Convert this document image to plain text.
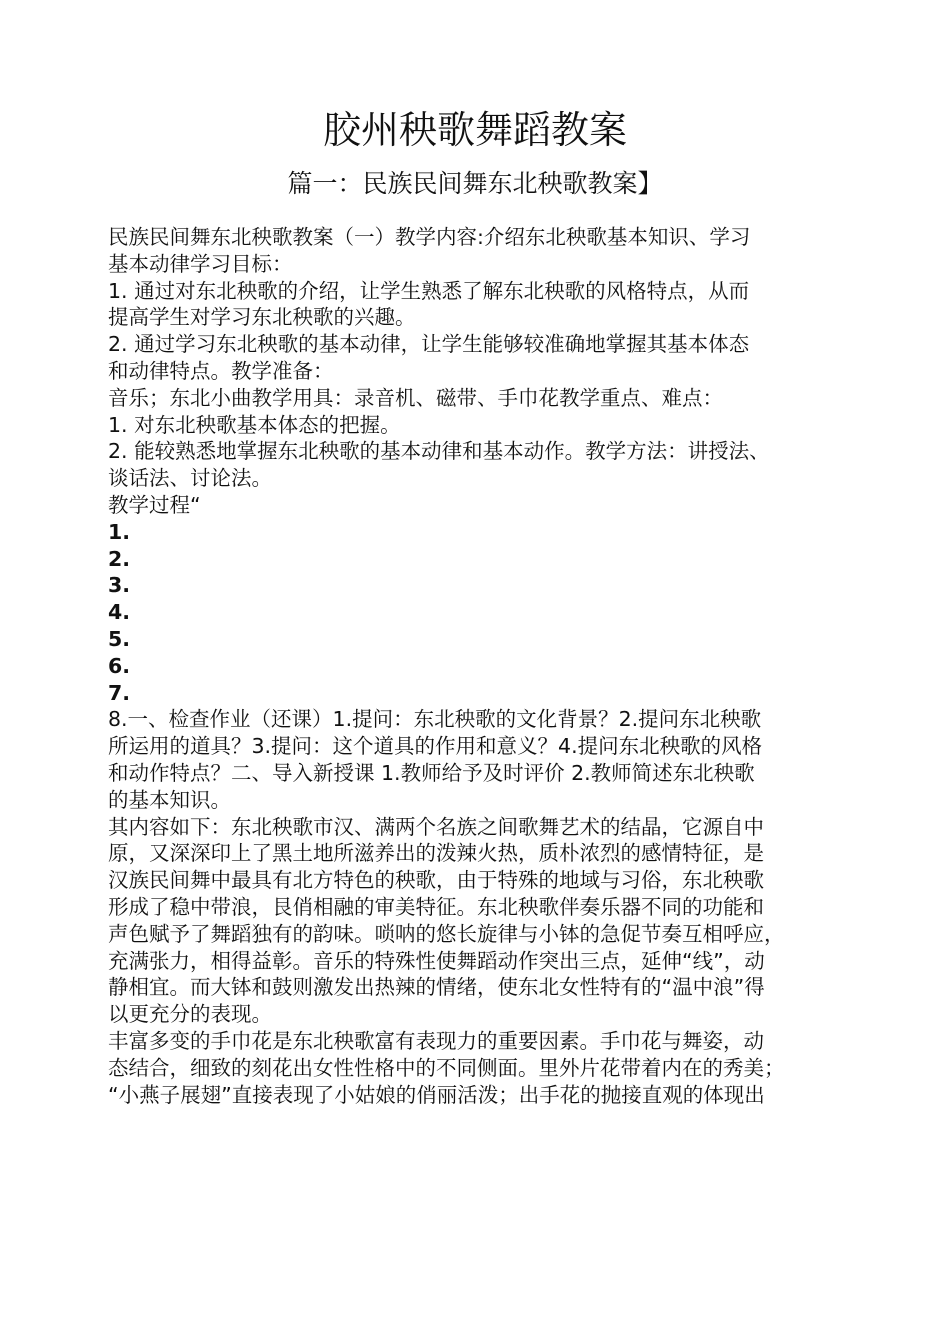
胶州秧歌舞蹈教案
篇一：民族民间舞东北秧歌教案】

民族民间舞东北秧歌教案（一）教学内容:介绍东北秧歌基本知识、学习

基本动律学习目标：

1. 通过对东北秧歌的介绍，让学生熟悉了解东北秧歌的风格特点，从而

提高学生对学习东北秧歌的兴趣。

2. 通过学习东北秧歌的基本动律，让学生能够较准确地掌握其基本体态

和动律特点。教学准备：

音乐；东北小曲教学用具：录音机、磁带、手巾花教学重点、难点：

1. 对东北秧歌基本体态的把握。

2. 能较熟悉地掌握东北秧歌的基本动律和基本动作。教学方法：讲授法、

谈话法、讨论法。

教学过程“

1.

2.

3.

4.

5.

6.

7.

8.一、检查作业（还课）1.提问：东北秧歌的文化背景？2.提问东北秧歌

所运用的道具？3.提问：这个道具的作用和意义？4.提问东北秧歌的风格

和动作特点？二、导入新授课 1.教师给予及时评价 2.教师简述东北秧歌

的基本知识。

其内容如下：东北秧歌市汉、满两个名族之间歌舞艺术的结晶，它源自中

原，又深深印上了黑土地所滋养出的泼辣火热，质朴浓烈的感情特征，是

汉族民间舞中最具有北方特色的秧歌，由于特殊的地域与习俗，东北秧歌

形成了稳中带浪，艮俏相融的审美特征。东北秧歌伴奏乐器不同的功能和

声色赋予了舞蹈独有的韵味。唢呐的悠长旋律与小钵的急促节奏互相呼应，

充满张力，相得益彰。音乐的特殊性使舞蹈动作突出三点，延伸“线”，动

静相宜。而大钵和鼓则激发出热辣的情绪，使东北女性特有的“温中浪”得

以更充分的表现。

丰富多变的手巾花是东北秧歌富有表现力的重要因素。手巾花与舞姿，动

态结合，细致的刻花出女性性格中的不同侧面。里外片花带着内在的秀美；

“小燕子展翅”直接表现了小姑娘的俏丽活泼；出手花的抛接直观的体现出
